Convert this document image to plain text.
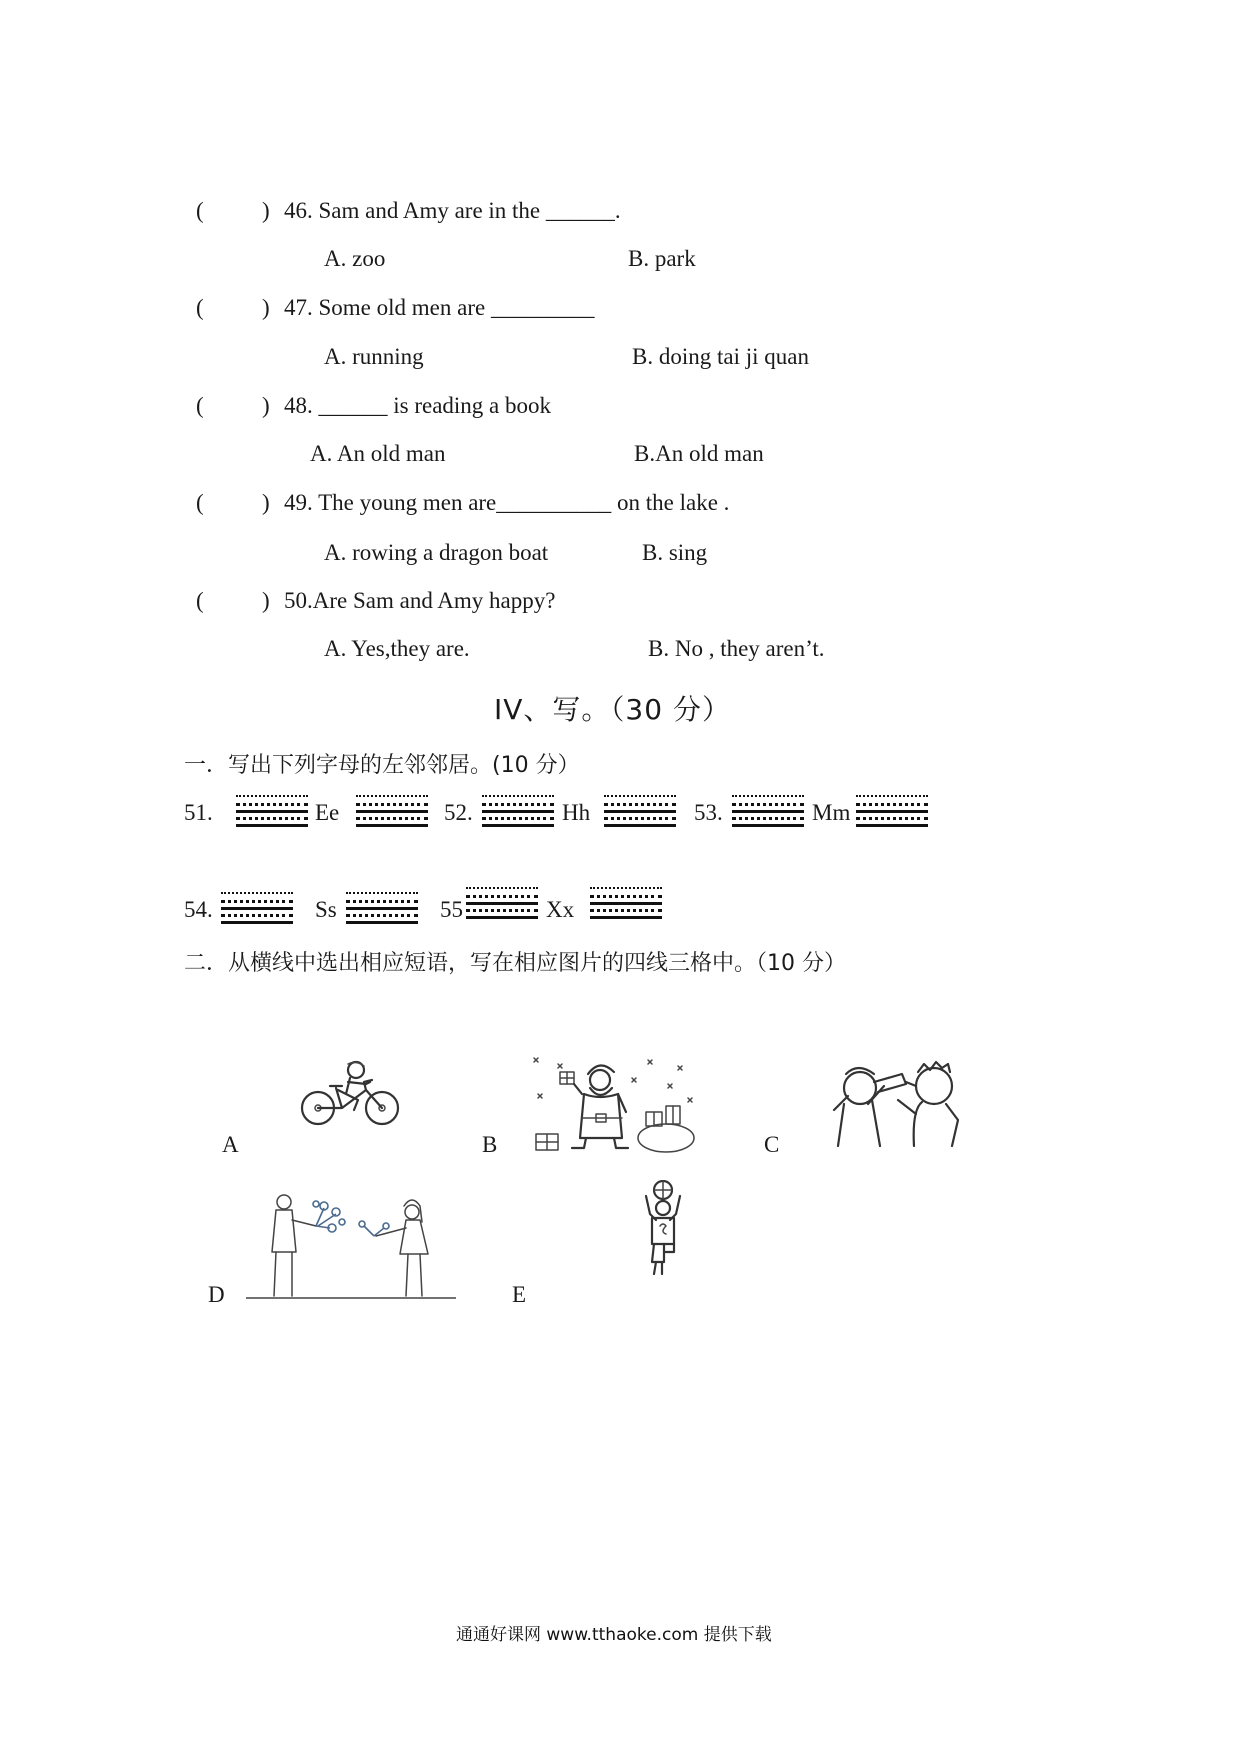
(	) 46. Sam and Amy are in the ______.
A. zoo	B. park
(	) 47. Some old men are _________
A. running	B. doing tai ji quan
(	) 48. ______ is reading a book
A. An old man	B.An old man
(	) 49. The young men are__________ on the lake .
A. rowing a dragon boat	B. sing
(	) 50.Are Sam and Amy happy?
A. Yes,they are.	B. No , they aren’t.
IV、写。（30 分）
一．写出下列字母的左邻邻居。(10 分）
51.	Ee	52.	Hh	53.	Mm
54.	Ss	55	Xx
二．从横线中选出相应短语，写在相应图片的四线三格中。（10 分）
A	B	C
D	E
通通好课网 www.tthaoke.com 提供下载
